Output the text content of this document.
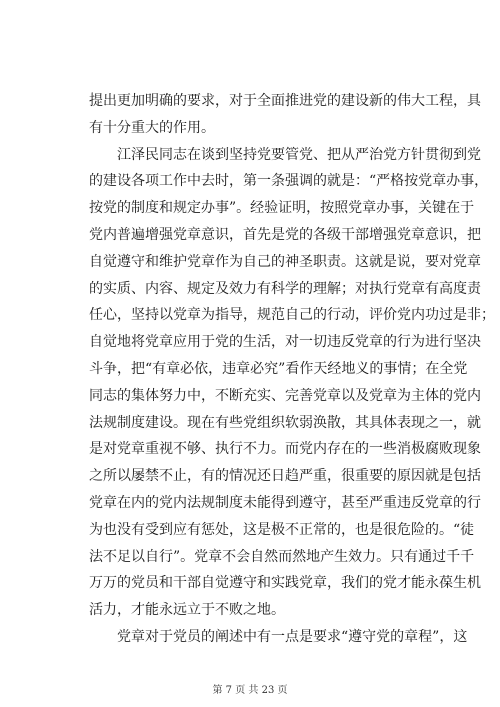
提出更加明确的要求，对于全面推进党的建设新的伟大工程，具
有十分重大的作用。
江泽民同志在谈到坚持党要管党、把从严治党方针贯彻到党
的建设各项工作中去时，第一条强调的就是：“严格按党章办事，
按党的制度和规定办事”。经验证明，按照党章办事，关键在于
党内普遍增强党章意识，首先是党的各级干部增强党章意识，把
自觉遵守和维护党章作为自己的神圣职责。这就是说，要对党章
的实质、内容、规定及效力有科学的理解；对执行党章有高度责
任心，坚持以党章为指导，规范自己的行动，评价党内功过是非；
自觉地将党章应用于党的生活，对一切违反党章的行为进行坚决
斗争，把“有章必依，违章必究”看作天经地义的事情；在全党
同志的集体努力中，不断充实、完善党章以及党章为主体的党内
法规制度建设。现在有些党组织软弱涣散，其具体表现之一，就
是对党章重视不够、执行不力。而党内存在的一些消极腐败现象
之所以屡禁不止，有的情况还日趋严重，很重要的原因就是包括
党章在内的党内法规制度未能得到遵守，甚至严重违反党章的行
为也没有受到应有惩处，这是极不正常的，也是很危险的。“徒
法不足以自行”。党章不会自然而然地产生效力。只有通过千千
万万的党员和干部自觉遵守和实践党章，我们的党才能永葆生机
活力，才能永远立于不败之地。
党章对于党员的阐述中有一点是要求“遵守党的章程”，这
第 7 页 共 23 页
